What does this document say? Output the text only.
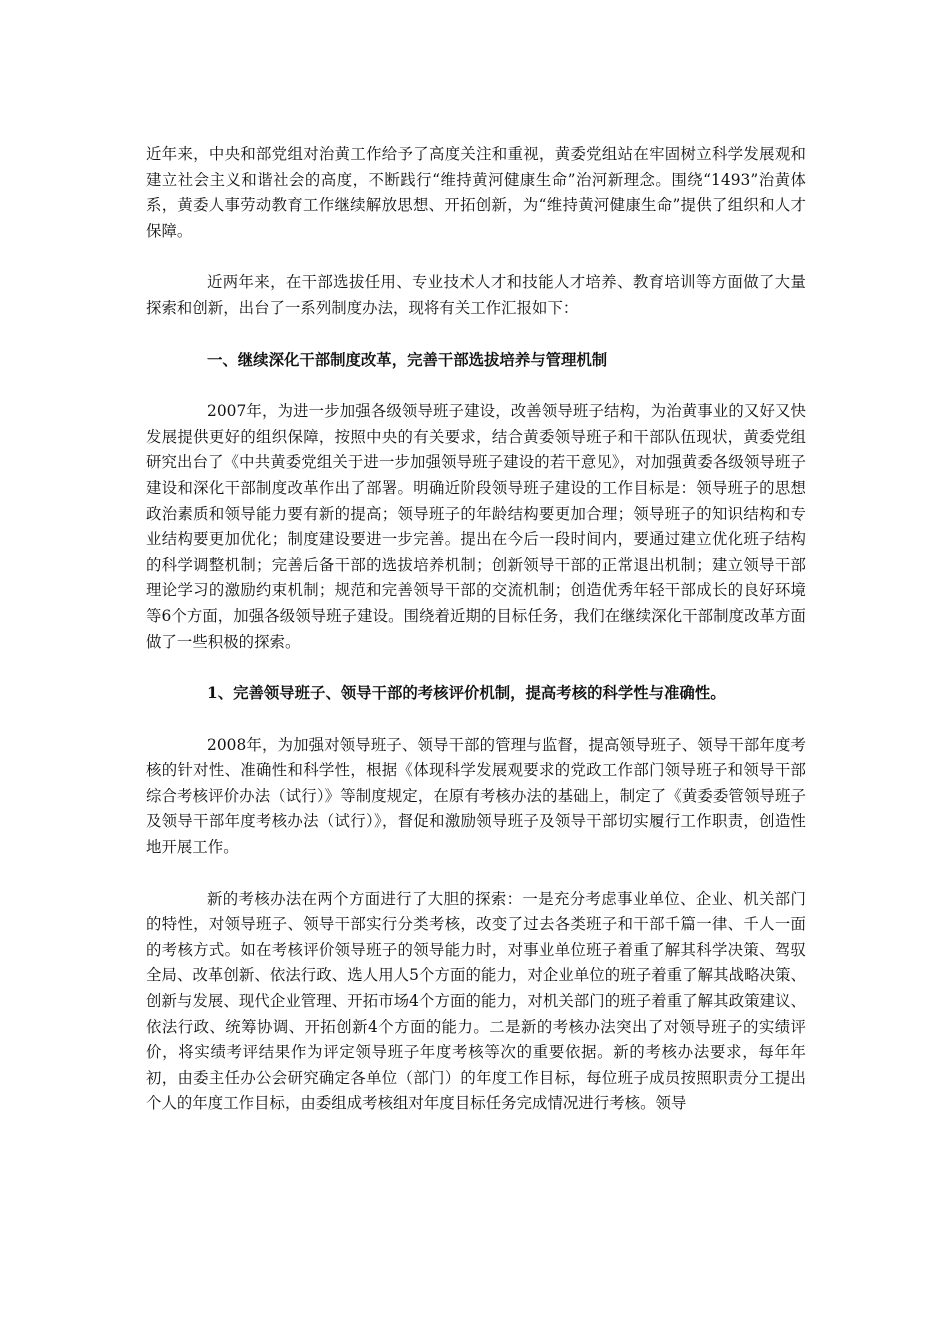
近年来，中央和部党组对治黄工作给予了高度关注和重视，黄委党组站在牢固树立科学发展观和建立社会主义和谐社会的高度，不断践行“维持黄河健康生命”治河新理念。围绕“1493”治黄体系，黄委人事劳动教育工作继续解放思想、开拓创新，为“维持黄河健康生命”提供了组织和人才保障。

近两年来，在干部选拔任用、专业技术人才和技能人才培养、教育培训等方面做了大量探索和创新，出台了一系列制度办法，现将有关工作汇报如下：

一、继续深化干部制度改革，完善干部选拔培养与管理机制

2007年，为进一步加强各级领导班子建设，改善领导班子结构，为治黄事业的又好又快发展提供更好的组织保障，按照中央的有关要求，结合黄委领导班子和干部队伍现状，黄委党组研究出台了《中共黄委党组关于进一步加强领导班子建设的若干意见》，对加强黄委各级领导班子建设和深化干部制度改革作出了部署。明确近阶段领导班子建设的工作目标是：领导班子的思想政治素质和领导能力要有新的提高；领导班子的年龄结构要更加合理；领导班子的知识结构和专业结构要更加优化；制度建设要进一步完善。提出在今后一段时间内，要通过建立优化班子结构的科学调整机制；完善后备干部的选拔培养机制；创新领导干部的正常退出机制；建立领导干部理论学习的激励约束机制；规范和完善领导干部的交流机制；创造优秀年轻干部成长的良好环境等6个方面，加强各级领导班子建设。围绕着近期的目标任务，我们在继续深化干部制度改革方面做了一些积极的探索。

1、完善领导班子、领导干部的考核评价机制，提高考核的科学性与准确性。

2008年，为加强对领导班子、领导干部的管理与监督，提高领导班子、领导干部年度考核的针对性、准确性和科学性，根据《体现科学发展观要求的党政工作部门领导班子和领导干部综合考核评价办法（试行）》等制度规定，在原有考核办法的基础上，制定了《黄委委管领导班子及领导干部年度考核办法（试行）》，督促和激励领导班子及领导干部切实履行工作职责，创造性地开展工作。

新的考核办法在两个方面进行了大胆的探索：一是充分考虑事业单位、企业、机关部门的特性，对领导班子、领导干部实行分类考核，改变了过去各类班子和干部千篇一律、千人一面的考核方式。如在考核评价领导班子的领导能力时，对事业单位班子着重了解其科学决策、驾驭全局、改革创新、依法行政、选人用人5个方面的能力，对企业单位的班子着重了解其战略决策、创新与发展、现代企业管理、开拓市场4个方面的能力，对机关部门的班子着重了解其政策建议、依法行政、统筹协调、开拓创新4个方面的能力。二是新的考核办法突出了对领导班子的实绩评价，将实绩考评结果作为评定领导班子年度考核等次的重要依据。新的考核办法要求，每年年初，由委主任办公会研究确定各单位（部门）的年度工作目标，每位班子成员按照职责分工提出个人的年度工作目标，由委组成考核组对年度目标任务完成情况进行考核。领导
